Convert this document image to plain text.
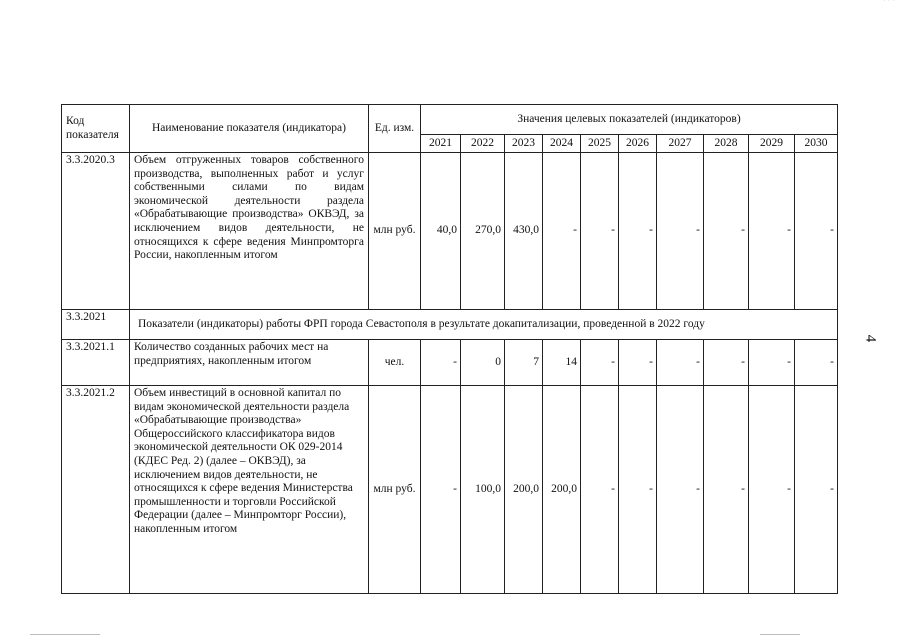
· · ·
Код показателя	Наименование показателя (индикатора)	Ед. изм.	Значения целевых показателей (индикаторов)									
			2021	2022	2023	2024	2025	2026	2027	2028	2029	2030
3.3.2020.3	Объем отгруженных товаров собственного производства, выполненных работ и услуг собственными силами по видам экономической деятельности раздела «Обрабатывающие производства» ОКВЭД, за исключением видов деятельности, не относящихся к сфере ведения Минпромторга России, накопленным итогом	млн руб.	40,0	270,0	430,0	-	-	-	-	-	-	-
3.3.2021	Показатели (индикаторы) работы ФРП города Севастополя в результате докапитализации, проведенной в 2022 году											
3.3.2021.1	Количество созданных рабочих мест на предприятиях, накопленным итогом	чел.	-	0	7	14	-	-	-	-	-	-
3.3.2021.2	Объем инвестиций в основной капитал по видам экономической деятельности раздела «Обрабатывающие производства» Общероссийского классификатора видов экономической деятельности ОК 029-2014 (КДЕС Ред. 2) (далее – ОКВЭД), за исключением видов деятельности, не относящихся к сфере ведения Министерства промышленности и торговли Российской Федерации (далее – Минпромторг России), накопленным итогом	млн руб.	-	100,0	200,0	200,0	-	-	-	-	-	-
4
